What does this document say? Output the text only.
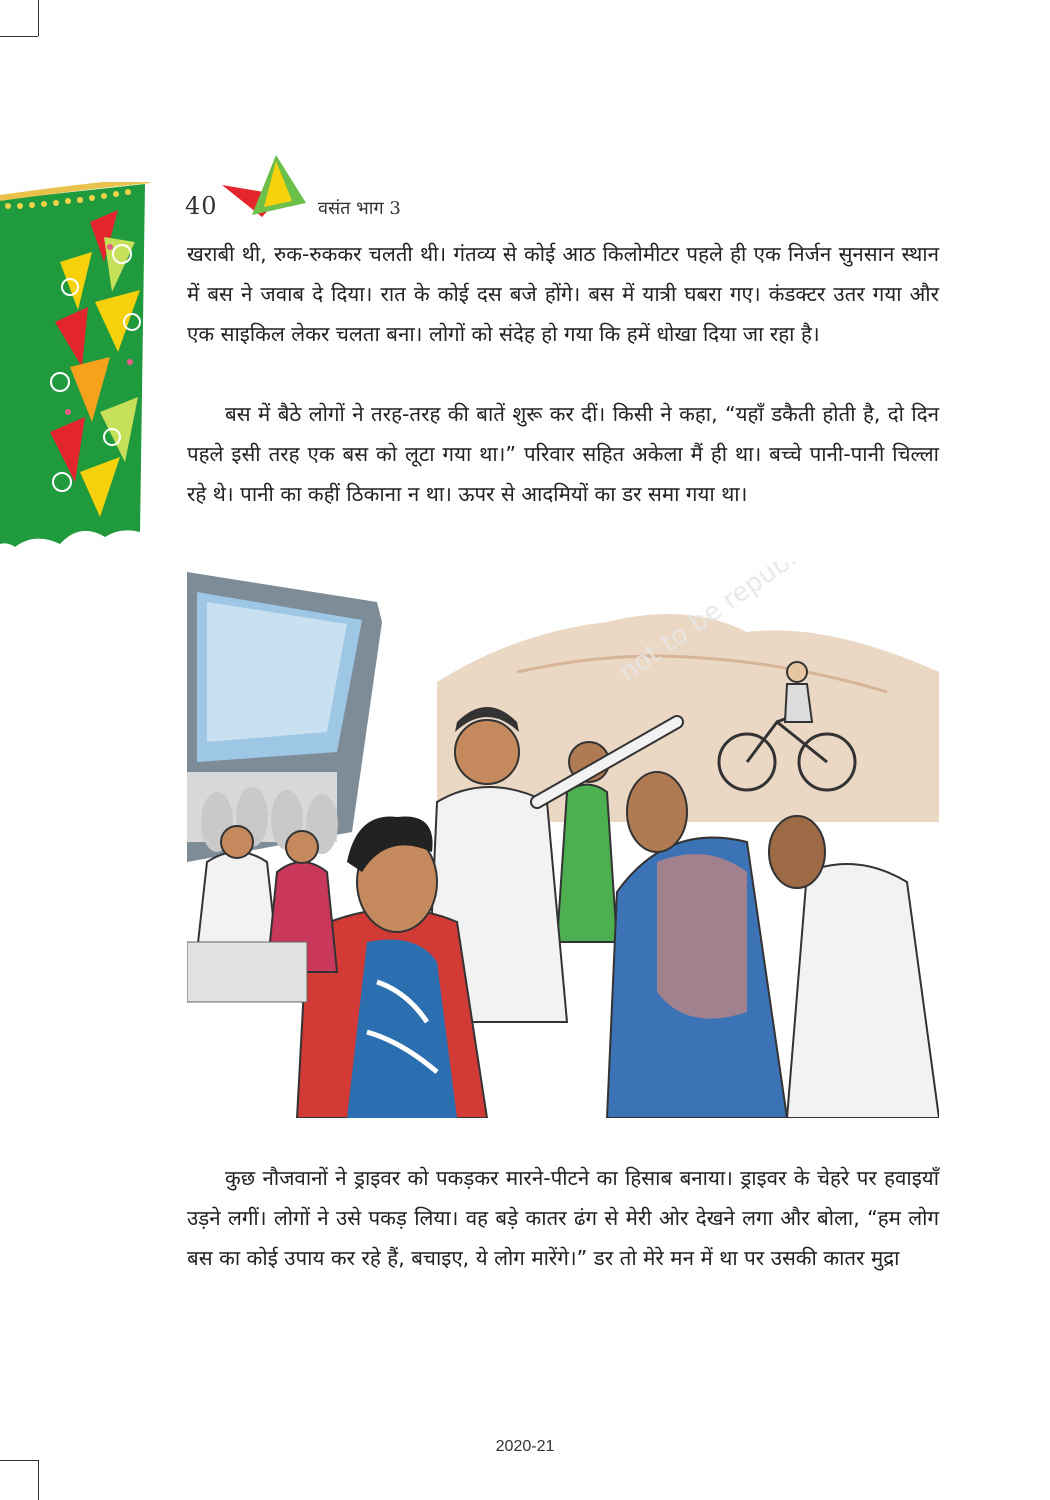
40	वसंत भाग 3

खराबी थी, रुक-रुककर चलती थी। गंतव्य से कोई आठ किलोमीटर पहले ही एक निर्जन सुनसान स्थान में बस ने जवाब दे दिया। रात के कोई दस बजे होंगे। बस में यात्री घबरा गए। कंडक्टर उतर गया और एक साइकिल लेकर चलता बना। लोगों को संदेह हो गया कि हमें धोखा दिया जा रहा है।

बस में बैठे लोगों ने तरह-तरह की बातें शुरू कर दीं। किसी ने कहा, “यहाँ डकैती होती है, दो दिन पहले इसी तरह एक बस को लूटा गया था।” परिवार सहित अकेला मैं ही था। बच्चे पानी-पानी चिल्ला रहे थे। पानी का कहीं ठिकाना न था। ऊपर से आदमियों का डर समा गया था।

कुछ नौजवानों ने ड्राइवर को पकड़कर मारने-पीटने का हिसाब बनाया। ड्राइवर के चेहरे पर हवाइयाँ उड़ने लगीं। लोगों ने उसे पकड़ लिया। वह बड़े कातर ढंग से मेरी ओर देखने लगा और बोला, “हम लोग बस का कोई उपाय कर रहे हैं, बचाइए, ये लोग मारेंगे।” डर तो मेरे मन में था पर उसकी कातर मुद्रा

2020-21
